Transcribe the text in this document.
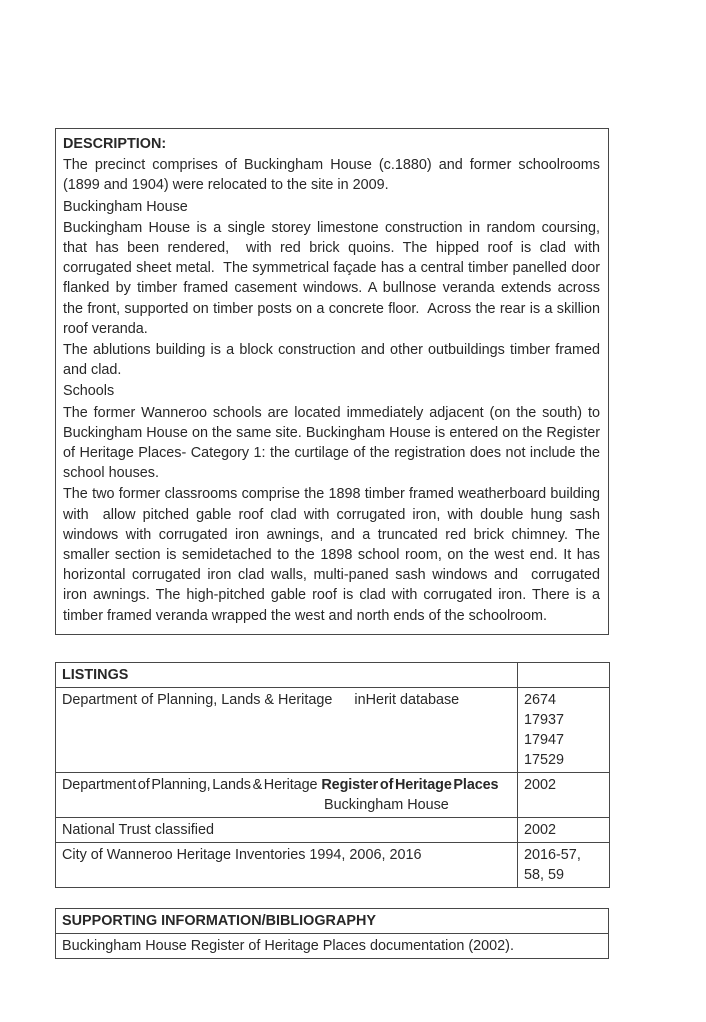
DESCRIPTION:

The precinct comprises of Buckingham House (c.1880) and former schoolrooms (1899 and 1904) were relocated to the site in 2009.

Buckingham House

Buckingham House is a single storey limestone construction in random coursing, that has been rendered,  with red brick quoins. The hipped roof is clad with corrugated sheet metal.  The symmetrical façade has a central timber panelled door flanked by timber framed casement windows. A bullnose veranda extends across the front, supported on timber posts on a concrete floor.  Across the rear is a skillion roof veranda.

The ablutions building is a block construction and other outbuildings timber framed and clad.

Schools

The former Wanneroo schools are located immediately adjacent (on the south) to Buckingham House on the same site. Buckingham House is entered on the Register of Heritage Places- Category 1: the curtilage of the registration does not include the school houses.

The two former classrooms comprise the 1898 timber framed weatherboard building with  allow pitched gable roof clad with corrugated iron, with double hung sash windows with corrugated iron awnings, and a truncated red brick chimney. The smaller section is semidetached to the 1898 school room, on the west end. It has horizontal corrugated iron clad walls, multi-paned sash windows and  corrugated iron awnings. The high-pitched gable roof is clad with corrugated iron. There is a timber framed veranda wrapped the west and north ends of the schoolroom.

LISTINGS	
Department of Planning, Lands & Heritage inHerit database	2674
17937
17947
17529

Department of Planning, Lands & Heritage Register of Heritage Places
Buckingham House	2002

National Trust classified	2002

City of Wanneroo Heritage Inventories 1994, 2006, 2016	2016-57,
58, 59
SUPPORTING INFORMATION/BIBLIOGRAPHY
Buckingham House Register of Heritage Places documentation (2002).
